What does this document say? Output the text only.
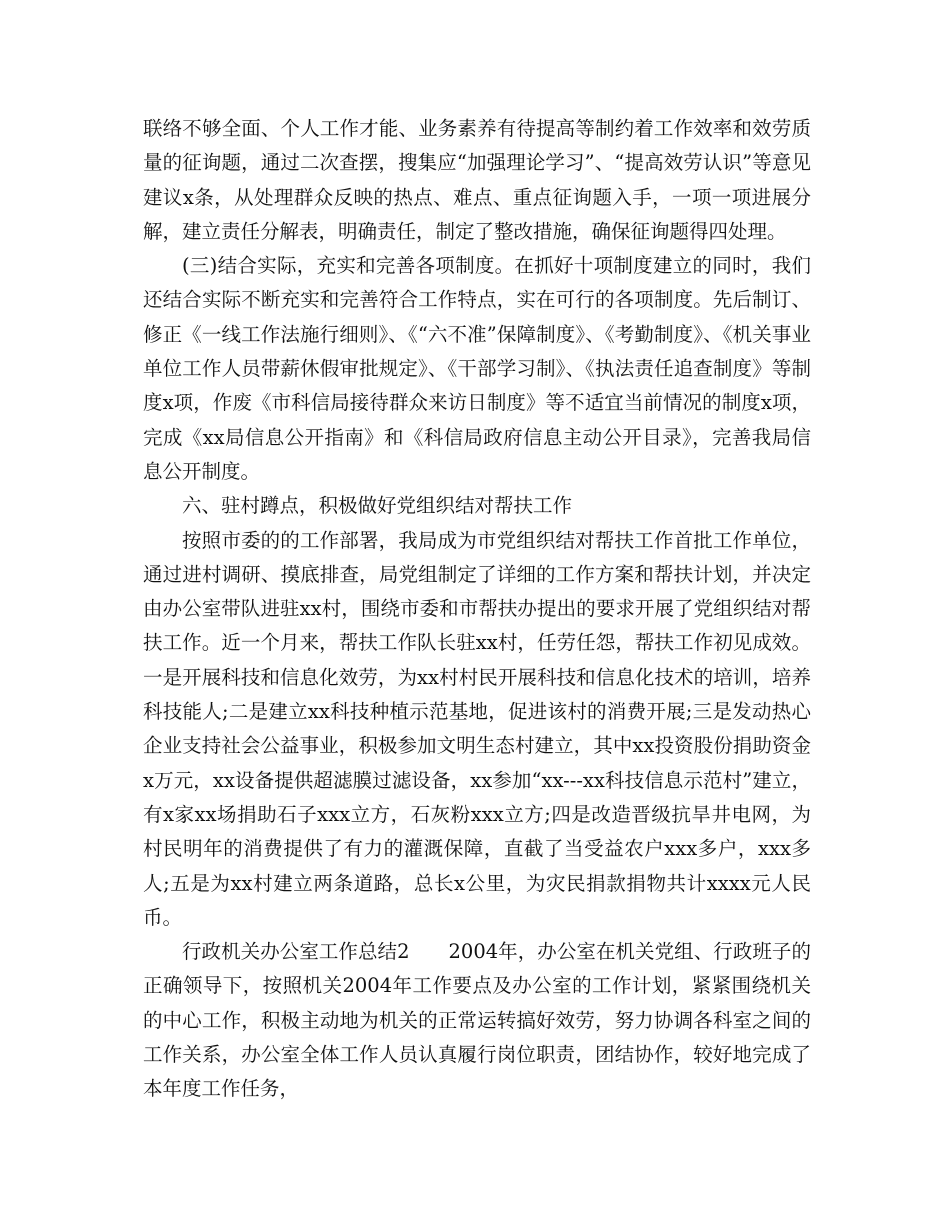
联络不够全面、个人工作才能、业务素养有待提高等制约着工作效率和效劳质量的征询题，通过二次查摆，搜集应“加强理论学习”、“提高效劳认识”等意见建议x条，从处理群众反映的热点、难点、重点征询题入手，一项一项进展分解，建立责任分解表，明确责任，制定了整改措施，确保征询题得四处理。

(三)结合实际，充实和完善各项制度。在抓好十项制度建立的同时，我们还结合实际不断充实和完善符合工作特点，实在可行的各项制度。先后制订、修正《一线工作法施行细则》、《“六不准”保障制度》、《考勤制度》、《机关事业单位工作人员带薪休假审批规定》、《干部学习制》、《执法责任追查制度》等制度x项，作废《市科信局接待群众来访日制度》等不适宜当前情况的制度x项，完成《xx局信息公开指南》和《科信局政府信息主动公开目录》，完善我局信息公开制度。

六、驻村蹲点，积极做好党组织结对帮扶工作

按照市委的的工作部署，我局成为市党组织结对帮扶工作首批工作单位，通过进村调研、摸底排查，局党组制定了详细的工作方案和帮扶计划，并决定由办公室带队进驻xx村，围绕市委和市帮扶办提出的要求开展了党组织结对帮扶工作。近一个月来，帮扶工作队长驻xx村，任劳任怨，帮扶工作初见成效。一是开展科技和信息化效劳，为xx村村民开展科技和信息化技术的培训，培养科技能人;二是建立xx科技种植示范基地，促进该村的消费开展;三是发动热心企业支持社会公益事业，积极参加文明生态村建立，其中xx投资股份捐助资金x万元，xx设备提供超滤膜过滤设备，xx参加“xx---xx科技信息示范村”建立，有x家xx场捐助石子xxx立方，石灰粉xxx立方;四是改造晋级抗旱井电网，为村民明年的消费提供了有力的灌溉保障，直截了当受益农户xxx多户，xxx多人;五是为xx村建立两条道路，总长x公里，为灾民捐款捐物共计xxxx元人民币。

行政机关办公室工作总结2 2004年，办公室在机关党组、行政班子的正确领导下，按照机关2004年工作要点及办公室的工作计划，紧紧围绕机关的中心工作，积极主动地为机关的正常运转搞好效劳，努力协调各科室之间的工作关系，办公室全体工作人员认真履行岗位职责，团结协作，较好地完成了本年度工作任务，
